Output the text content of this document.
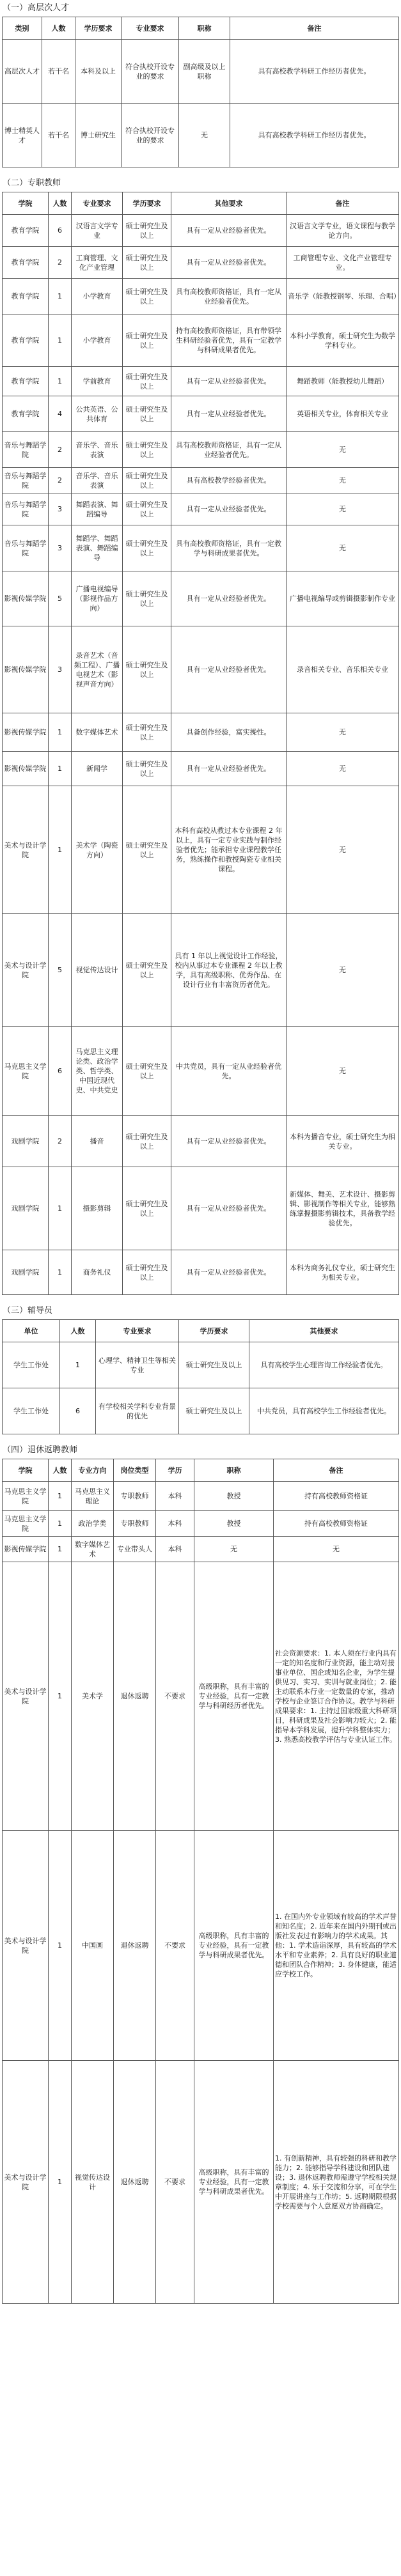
（一）高层次人才
类别	人数	学历要求	专业要求	职称	备注
高层次人才	若干名	本科及以上	符合执校开设专业的要求	副高级及以上职称	具有高校教学科研工作经历者优先。
博士精英人才	若干名	博士研究生	符合执校开设专业的要求	无	具有高校教学科研工作经历者优先。
（二）专职教师
学院	人数	专业要求	学历要求	其他要求	备注
教育学院	6	汉语言文学专业	硕士研究生及以上	具有一定从业经验者优先。	汉语言文学专业，语文课程与教学论方向。
教育学院	2	工商管理、文化产业管理	硕士研究生及以上	具有一定从业经验者优先。	工商管理专业、文化产业管理专业。
教育学院	1	小学教育	硕士研究生及以上	具有高校教师资格证，具有一定从业经验者优先。	音乐学（能教授钢琴、乐理、合唱）
教育学院	1	小学教育	硕士研究生及以上	持有高校教师资格证，具有带领学生科研经验者优先，具有一定教学与科研成果者优先。	本科小学教育，硕士研究生为数学学科专业。
教育学院	1	学前教育	硕士研究生及以上	具有一定从业经验者优先。	舞蹈教师（能教授幼儿舞蹈）
教育学院	4	公共英语、公共体育	硕士研究生及以上	具有一定从业经验者优先。	英语相关专业，体育相关专业
音乐与舞蹈学院	2	音乐学、音乐表演	硕士研究生及以上	具有高校教师资格证，具有一定从业经验者优先。	无
音乐与舞蹈学院	2	音乐学、音乐表演	硕士研究生及以上	具有高校教学经验者优先。	无
音乐与舞蹈学院	3	舞蹈表演、舞蹈编导	硕士研究生及以上	具有一定从业经验者优先。	无
音乐与舞蹈学院	3	舞蹈学、舞蹈表演、舞蹈编导	硕士研究生及以上	具有高校教师资格证，具有一定教学与科研成果者优先。	无
影视传媒学院	5	广播电视编导（影视作品方向）	硕士研究生及以上	具有一定从业经验者优先。	广播电视编导或剪辑摄影制作专业
影视传媒学院	3	录音艺术（音频工程）、广播电视艺术（影视声音方向）	硕士研究生及以上	具有一定从业经验者优先。	录音相关专业、音乐相关专业
影视传媒学院	1	数字媒体艺术	硕士研究生及以上	具备创作经验，富实操性。	无
影视传媒学院	1	新闻学	硕士研究生及以上	具有一定从业经验者优先。	无
美术与设计学院	1	美术学（陶瓷方向）	硕士研究生及以上	本科有高校从教过本专业课程 2 年以上，具有一定专业实践与制作经验者优先；能承担专业课程教学任务，熟练操作和教授陶瓷专业相关课程。	无
美术与设计学院	5	视觉传达设计	硕士研究生及以上	具有 1 年以上视觉设计工作经验，校内从事过本专业课程 2 年以上教学，具有高级职称、优秀作品、在设计行业有丰富资历者优先。	无
马克思主义学院	6	马克思主义理论类、政治学类、哲学类、中国近现代史、中共党史	硕士研究生及以上	中共党员，具有一定从业经验者优先。	无
戏剧学院	2	播音	硕士研究生及以上	具有一定从业经验者优先。	本科为播音专业，硕士研究生为相关专业。
戏剧学院	1	摄影剪辑	硕士研究生及以上	具有一定从业经验者优先。	新媒体、舞美、艺术设计、摄影剪辑、影视制作等相关专业，能够熟练掌握摄影剪辑技术，具备教学经验优先。
戏剧学院	1	商务礼仪	硕士研究生及以上	具有一定从业经验者优先。	本科为商务礼仪专业，硕士研究生为相关专业。
（三）辅导员
单位	人数	专业要求	学历要求	其他要求
学生工作处	1	心理学、精神卫生等相关专业	硕士研究生及以上	具有高校学生心理咨询工作经验者优先。
学生工作处	6	有学校相关学科专业背景的优先	硕士研究生及以上	中共党员，具有高校学生工作经验者优先。
（四）退休返聘教师
学院	人数	专业方向	岗位类型	学历	职称	备注
马克思主义学院	1	马克思主义理论	专职教师	本科	教授	持有高校教师资格证
马克思主义学院	1	政治学类	专职教师	本科	教授	持有高校教师资格证
影视传媒学院	1	数字媒体艺术	专业带头人	本科	无	无
美术与设计学院	1	美术学	退休返聘	不要求	高级职称，具有丰富的专业经验，具有一定教学与科研经历者优先。	社会资源要求：1. 本人须在行业内具有一定的知名度和行业资源，能主动对接事业单位、国企或知名企业，为学生提供见习、实习、实训与就业岗位；2. 能主动联系本行业一定数量的专家，推动学校与企业签订合作协议。教学与科研成果要求：1. 主持过国家级重大科研项目，科研成果及社会影响力较大；2. 能指导本学科发展，提升学科整体实力；3. 熟悉高校教学评估与专业认证工作。
美术与设计学院	1	中国画	退休返聘	不要求	高级职称，具有丰富的专业经验，具有一定教学与科研成果者优先。	1. 在国内外专业领域有较高的学术声誉和知名度；2. 近年来在国内外期刊或出版社发表过有影响力的学术成果。其他：1. 学术造诣深厚，具有较高的学术水平和专业素养；2. 具有良好的职业道德和团队合作精神；3. 身体健康，能适应学校工作。
美术与设计学院	1	视觉传达设计	退休返聘	不要求	高级职称，具有丰富的专业经验，具有一定教学与科研成果者优先。	1. 有创新精神，具有较强的科研和教学能力；2. 能够指导学科建设和团队建设；3. 退休返聘教师需遵守学校相关规章制度；4. 乐于交流和分享，可在学生中开展讲座与工作坊；5. 返聘期限根据学校需要与个人意愿双方协商确定。
